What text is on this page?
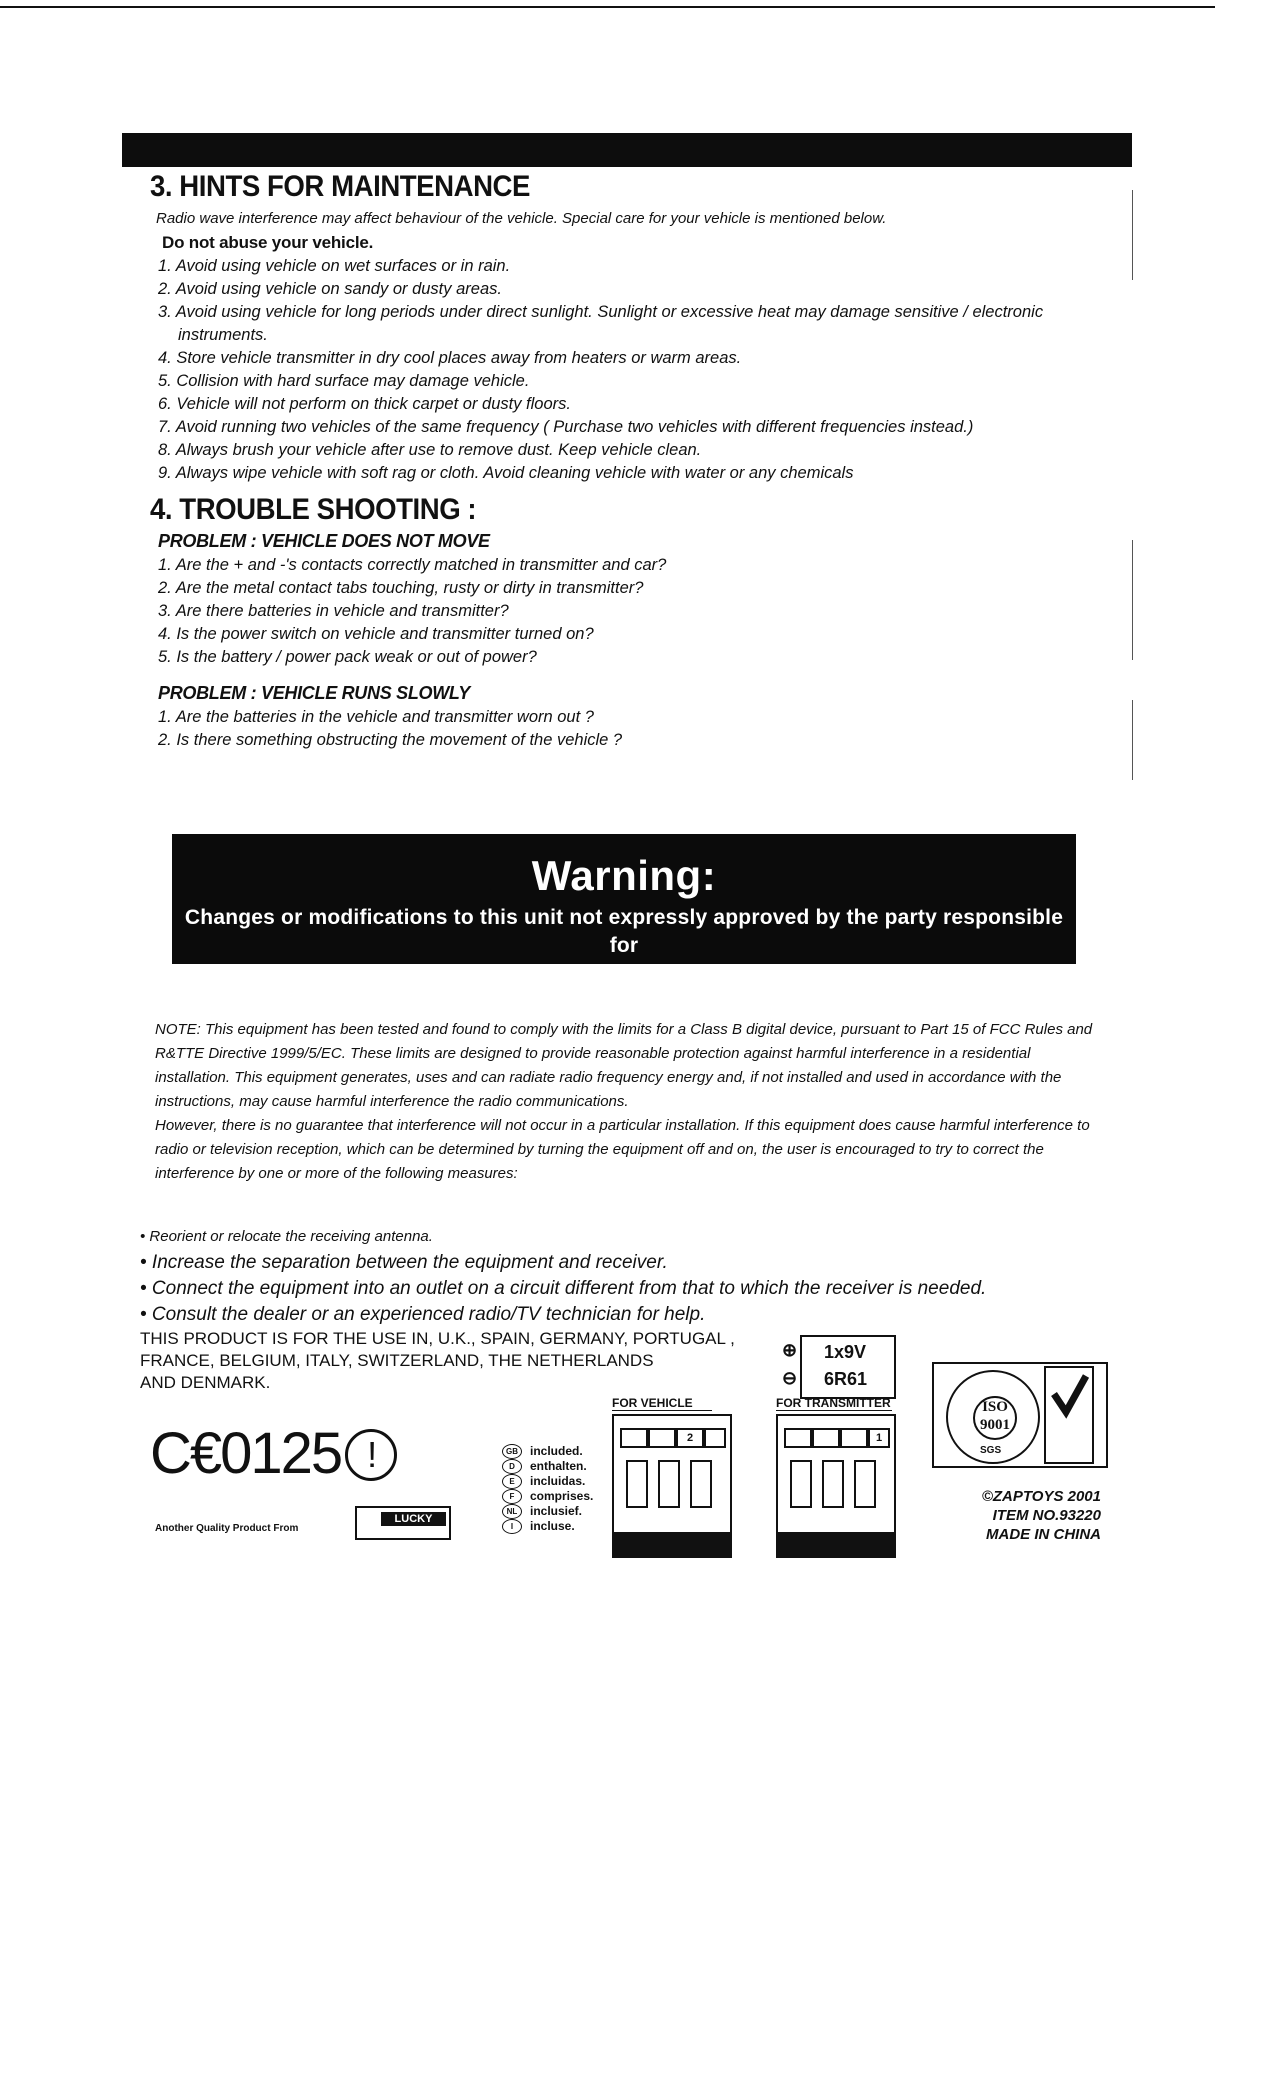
3. HINTS FOR MAINTENANCE
Radio wave interference may affect behaviour of the vehicle. Special care for your vehicle is mentioned below.
Do not abuse your vehicle.
1. Avoid using vehicle on wet surfaces or in rain.
2. Avoid using vehicle on sandy or dusty areas.
3. Avoid using vehicle for long periods under direct sunlight. Sunlight or excessive heat may damage sensitive / electronic instruments.
4. Store vehicle transmitter in dry cool places away from heaters or warm areas.
5. Collision with hard surface may damage vehicle.
6. Vehicle will not perform on thick carpet or dusty floors.
7. Avoid running two vehicles of the same frequency ( Purchase two vehicles with different frequencies instead.)
8. Always brush your vehicle after use to remove dust. Keep vehicle clean.
9. Always wipe vehicle with soft rag or cloth. Avoid cleaning vehicle with water or any chemicals
4. TROUBLE SHOOTING :
PROBLEM : VEHICLE DOES NOT MOVE
1. Are the + and -'s contacts correctly matched in transmitter and car?
2. Are the metal contact tabs touching, rusty or dirty in transmitter?
3. Are there batteries in vehicle and transmitter?
4. Is the power switch on vehicle and transmitter turned on?
5. Is the battery / power pack weak or out of power?
PROBLEM : VEHICLE RUNS SLOWLY
1. Are the batteries in the vehicle and transmitter worn out ?
2. Is there something obstructing the movement of the vehicle ?
Warning:
Changes or modifications to this unit not expressly approved by the party responsible for
compliance could void the user's authority to operate the equipment

NOTE: This equipment has been tested and found to comply with the limits for a Class B digital device, pursuant to Part 15 of FCC Rules and R&TTE Directive 1999/5/EC. These limits are designed to provide reasonable protection against harmful interference in a residential installation. This equipment generates, uses and can radiate radio frequency energy and, if not installed and used in accordance with the instructions, may cause harmful interference the radio communications.

However, there is no guarantee that interference will not occur in a particular installation. If this equipment does cause harmful interference to radio or television reception, which can be determined by turning the equipment off and on, the user is encouraged to try to correct the interference by one or more of the following measures:

• Reorient or relocate the receiving antenna.
• Increase the separation between the equipment and receiver.
• Connect the equipment into an outlet on a circuit different from that to which the receiver is needed.
• Consult the dealer or an experienced radio/TV technician for help.
THIS PRODUCT IS FOR THE USE IN, U.K., SPAIN, GERMANY, PORTUGAL ,
FRANCE, BELGIUM, ITALY, SWITZERLAND, THE NETHERLANDS
AND DENMARK.
C€0125 !
Another Quality Product From
LUCKY
GB	included.
D	enthalten.
E	incluidas.
F	comprises.
NL	inclusief.
I	incluse.
⊕
⊖
1x9V
6R61
FOR VEHICLE
2
FOR TRANSMITTER
1
ISO 9001
SGS
©ZAPTOYS 2001
ITEM NO.93220
MADE IN CHINA
